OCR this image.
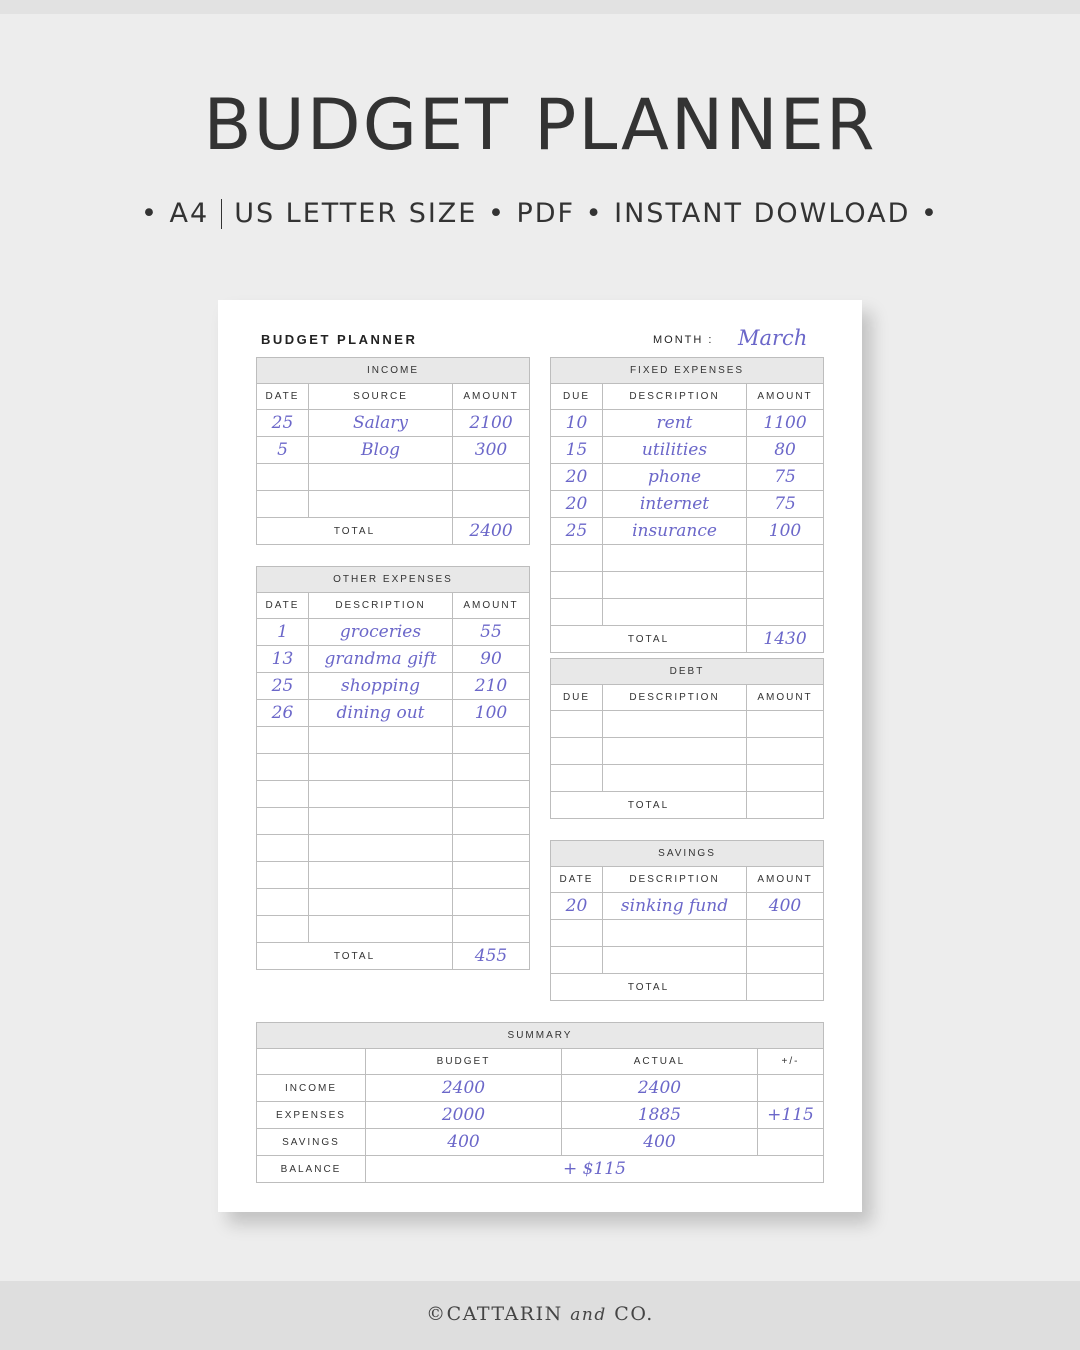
BUDGET PLANNER
• A4 US LETTER SIZE • PDF • INSTANT DOWLOAD •
BUDGET PLANNER	MONTH : March
INCOME		
DATE	SOURCE	AMOUNT
25	Salary	2100
5	Blog	300

TOTAL		2400
OTHER EXPENSES		
DATE	DESCRIPTION	AMOUNT
1	groceries	55
13	grandma gift	90
25	shopping	210
26	dining out	100

TOTAL		455
FIXED EXPENSES		
DUE	DESCRIPTION	AMOUNT
10	rent	1100
15	utilities	80
20	phone	75
20	internet	75
25	insurance	100

TOTAL		1430
DEBT		
DUE	DESCRIPTION	AMOUNT

TOTAL		
SAVINGS		
DATE	DESCRIPTION	AMOUNT
20	sinking fund	400

TOTAL		
SUMMARY			
	BUDGET	ACTUAL	+/-
INCOME	2400	2400	
EXPENSES	2000	1885	+115
SAVINGS	400	400	
BALANCE	+ $115		
©CATTARIN and CO.
